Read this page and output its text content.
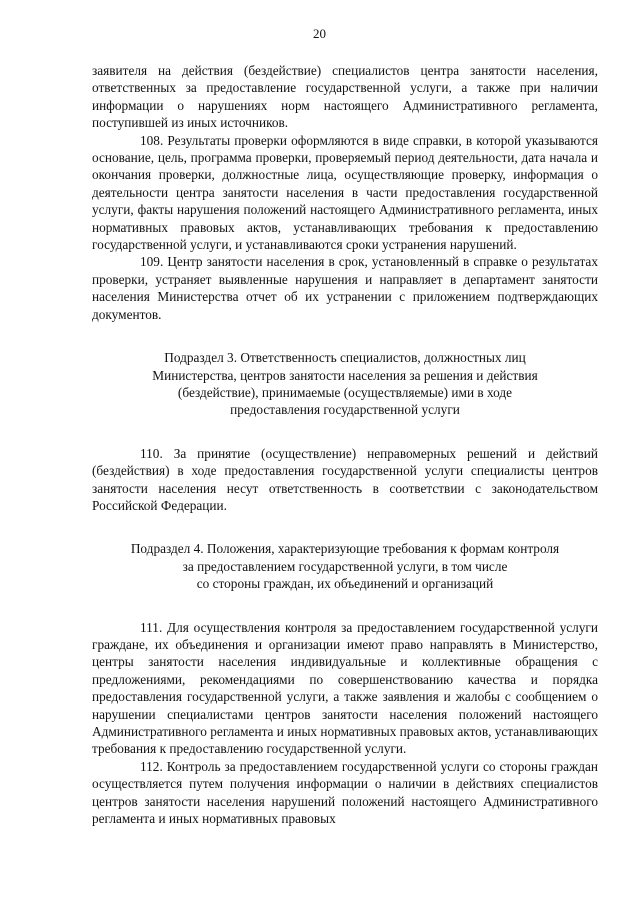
20

заявителя на действия (бездействие) специалистов центра занятости населения, ответственных за предоставление государственной услуги, а также при наличии информации о нарушениях норм настоящего Административного регламента, поступившей из иных источников.

108. Результаты проверки оформляются в виде справки, в которой указываются основание, цель, программа проверки, проверяемый период деятельности, дата начала и окончания проверки, должностные лица, осуществляющие проверку, информация о деятельности центра занятости населения в части предоставления государственной услуги, факты нарушения положений настоящего Административного регламента, иных нормативных правовых актов, устанавливающих требования к предоставлению государственной услуги, и устанавливаются сроки устранения нарушений.

109. Центр занятости населения в срок, установленный в справке о результатах проверки, устраняет выявленные нарушения и направляет в департамент занятости населения Министерства отчет об их устранении с приложением подтверждающих документов.

Подраздел 3. Ответственность специалистов, должностных лиц
Министерства, центров занятости населения за решения и действия
(бездействие), принимаемые (осуществляемые) ими в ходе
предоставления государственной услуги

110. За принятие (осуществление) неправомерных решений и действий (бездействия) в ходе предоставления государственной услуги специалисты центров занятости населения несут ответственность в соответствии с законодательством Российской Федерации.

Подраздел 4. Положения, характеризующие требования к формам контроля
за предоставлением государственной услуги, в том числе
со стороны граждан, их объединений и организаций

111. Для осуществления контроля за предоставлением государственной услуги граждане, их объединения и организации имеют право направлять в Министерство, центры занятости населения индивидуальные и коллективные обращения с предложениями, рекомендациями по совершенствованию качества и порядка предоставления государственной услуги, а также заявления и жалобы с сообщением о нарушении специалистами центров занятости населения положений настоящего Административного регламента и иных нормативных правовых актов, устанавливающих требования к предоставлению государственной услуги.

112. Контроль за предоставлением государственной услуги со стороны граждан осуществляется путем получения информации о наличии в действиях специалистов центров занятости населения нарушений положений настоящего Административного регламента и иных нормативных правовых
